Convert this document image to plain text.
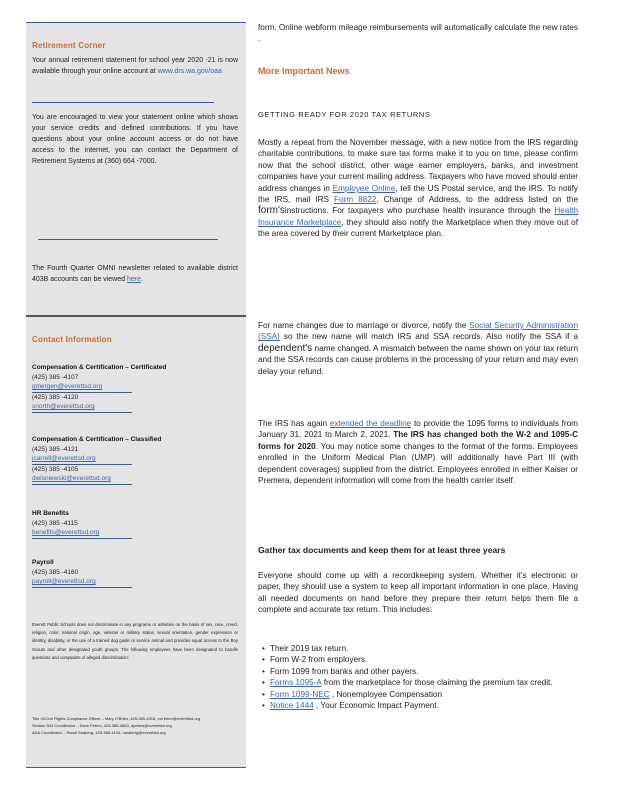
Retirement Corner
Your annual retirement statement for school year 2020 -21 is now available through your online account at www.drs.wa.gov/oaa
You are encouraged to view your statement online which shows your service credits and defined contributions. If you have questions about your online account access or do not have access to the internet, you can contact the Department of Retirement Systems at (360) 664 -7000.
The Fourth Quarter OMNI newsletter related to available district 403B accounts can be viewed here.
Contact Information
Compensation & Certification – Certificated
(425) 385 -4107
gmergen@everettsd.org
(425) 385 -4120
snorth@everettsd.org
Compensation & Certification – Classified
(425) 385 -4121
jcarrell@everettsd.org
(425) 385 -4105
dwisniewski@everettsd.org
HR Benefits
(425) 385 -4115
benefits@everettsd.org
Payroll
(425) 385 -4160
payroll@everettsd.org
Everett Public Schools does not discriminate in any programs or activities on the basis of sex, race, creed, religion, color, national origin, age, veteran or military status, sexual orientation, gender expression or identity, disability, or the use of a trained dog guide or service animal and provides equal access to the Boy Scouts and other designated youth groups. The following employees have been designated to handle questions and complaints of alleged discrimination:
Title IX/Civil Rights Compliance Officer – Mary O'Brien, 425-385-4016, mo'brien@everettsd.org
Section 504 Coordinator – Dave Peters, 425-385-4063, dpeters@everettsd.org
ADA Coordinator – Randi Seaberg, 425-385-4104, rseaberg@everettsd.org
form. Online webform mileage reimbursements will automatically calculate the new rates .
More Important News
GETTING READY FOR 2020 TAX RETURNS
Mostly a repeat from the November message, with a new notice from the IRS regarding charitable contributions, to make sure tax forms make it to you on time, please confirm now that the school district, other wage earner employers, banks, and investment companies have your current mailing address. Taxpayers who have moved should enter address changes in Employee Online, tell the US Postal service, and the IRS. To notify the IRS, mail IRS Form 8822, Change of Address, to the address listed on the form'sinstructions. For taxpayers who purchase health insurance through the Health Insurance Marketplace, they should also notify the Marketplace when they move out of the area covered by their current Marketplace plan.
For name changes due to marriage or divorce, notify the Social Security Administration (SSA) so the new name will match IRS and SSA records. Also notify the SSA if a dependent's name changed. A mismatch between the name shown on your tax return and the SSA records can cause problems in the processing of your return and may even delay your refund.
The IRS has again extended the deadline to provide the 1095 forms to individuals from January 31, 2021 to March 2, 2021. The IRS has changed both the W-2 and 1095-C forms for 2020. You may notice some changes to the format of the forms. Employees enrolled in the Uniform Medical Plan (UMP) will additionally have Part III (with dependent coverages) supplied from the district. Employees enrolled in either Kaiser or Premera, dependent information will come from the health carrier itself.
Gather tax documents and keep them for at least three years
Everyone should come up with a recordkeeping system. Whether it's electronic or paper, they should use a system to keep all important information in one place. Having all needed documents on hand before they prepare their return helps them file a complete and accurate tax return. This includes:
• Their 2019 tax return.
• Form W-2 from employers.
• Form 1099 from banks and other payers.
• Forms 1095-A from the marketplace for those claiming the premium tax credit.
• Form 1099-NEC , Nonemployee Compensation
• Notice 1444 , Your Economic Impact Payment.
